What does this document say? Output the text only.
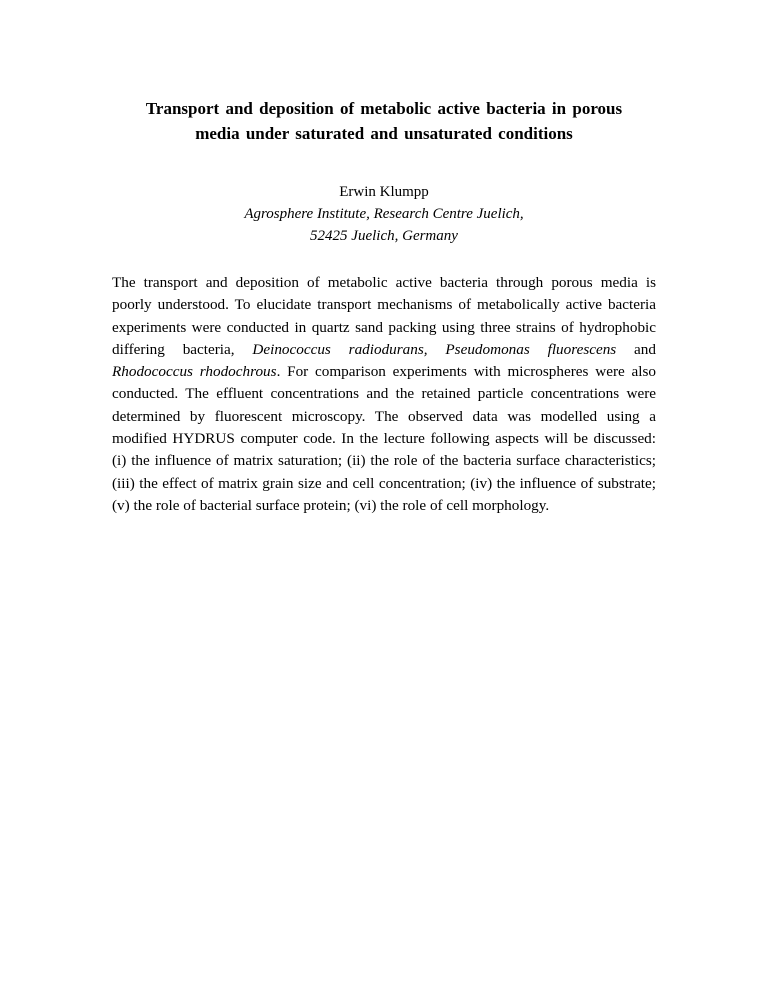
Transport and deposition of metabolic active bacteria in porous
media under saturated and unsaturated conditions
Erwin Klumpp
Agrosphere Institute, Research Centre Juelich,
52425 Juelich, Germany
The transport and deposition of metabolic active bacteria through porous media is
poorly understood. To elucidate transport mechanisms of metabolically active bacteria
experiments were conducted in quartz sand packing using three strains of hydrophobic
differing bacteria, Deinococcus radiodurans, Pseudomonas fluorescens and
Rhodococcus rhodochrous. For comparison experiments with microspheres were also
conducted. The effluent concentrations and the retained particle concentrations were
determined by fluorescent microscopy. The observed data was modelled using a
modified HYDRUS computer code. In the lecture following aspects will be discussed:
(i) the influence of matrix saturation; (ii) the role of the bacteria surface characteristics;
(iii) the effect of matrix grain size and cell concentration; (iv) the influence of substrate;
(v) the role of bacterial surface protein; (vi) the role of cell morphology.
